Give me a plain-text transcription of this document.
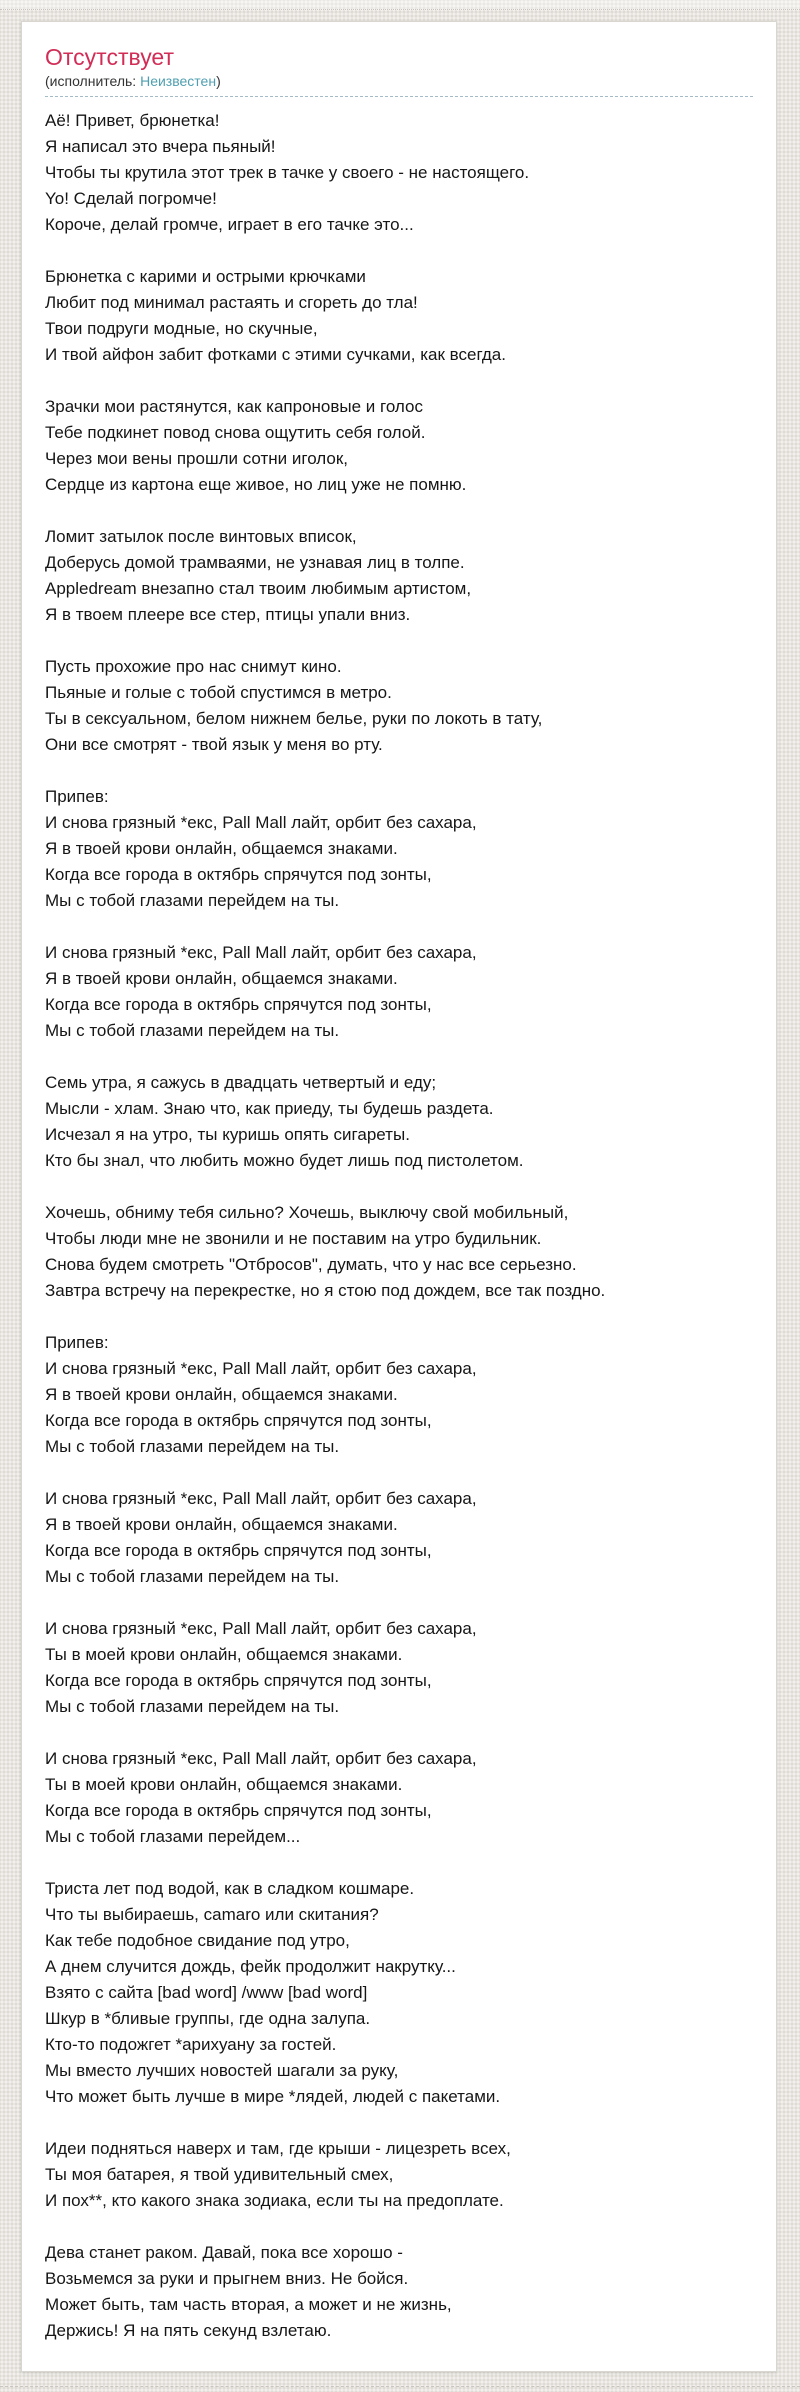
Отсутствует
(исполнитель: Неизвестен)

Аё! Привет, брюнетка!
Я написал это вчера пьяный!
Чтобы ты крутила этот трек в тачке у своего - не настоящего.
Yo! Сделай погромче!
Короче, делай громче, играет в его тачке это...

Брюнетка с карими и острыми крючками
Любит под минимал растаять и сгореть до тла!
Твои подруги модные, но скучные,
И твой айфон забит фотками с этими сучками, как всегда.

Зрачки мои растянутся, как капроновые и голос
Тебе подкинет повод снова ощутить себя голой.
Через мои вены прошли сотни иголок,
Сердце из картона еще живое, но лиц уже не помню.

Ломит затылок после винтовых вписок,
Доберусь домой трамваями, не узнавая лиц в толпе.
Appledream внезапно стал твоим любимым артистом,
Я в твоем плеере все стер, птицы упали вниз.

Пусть прохожие про нас снимут кино.
Пьяные и голые с тобой спустимся в метро.
Ты в сексуальном, белом нижнем белье, руки по локоть в тату,
Они все смотрят - твой язык у меня во рту.

Припев:
И снова грязный *екс, Pall Mall лайт, орбит без сахара,
Я в твоей крови онлайн, общаемся знаками.
Когда все города в октябрь спрячутся под зонты,
Мы с тобой глазами перейдем на ты.

И снова грязный *екс, Pall Mall лайт, орбит без сахара,
Я в твоей крови онлайн, общаемся знаками.
Когда все города в октябрь спрячутся под зонты,
Мы с тобой глазами перейдем на ты.

Семь утра, я сажусь в двадцать четвертый и еду;
Мысли - хлам. Знаю что, как приеду, ты будешь раздета.
Исчезал я на утро, ты куришь опять сигареты.
Кто бы знал, что любить можно будет лишь под пистолетом.

Хочешь, обниму тебя сильно? Хочешь, выключу свой мобильный,
Чтобы люди мне не звонили и не поставим на утро будильник.
Снова будем смотреть "Отбросов", думать, что у нас все серьезно.
Завтра встречу на перекрестке, но я стою под дождем, все так поздно.

Припев:
И снова грязный *екс, Pall Mall лайт, орбит без сахара,
Я в твоей крови онлайн, общаемся знаками.
Когда все города в октябрь спрячутся под зонты,
Мы с тобой глазами перейдем на ты.

И снова грязный *екс, Pall Mall лайт, орбит без сахара,
Я в твоей крови онлайн, общаемся знаками.
Когда все города в октябрь спрячутся под зонты,
Мы с тобой глазами перейдем на ты.

И снова грязный *екс, Pall Mall лайт, орбит без сахара,
Ты в моей крови онлайн, общаемся знаками.
Когда все города в октябрь спрячутся под зонты,
Мы с тобой глазами перейдем на ты.

И снова грязный *екс, Pall Mall лайт, орбит без сахара,
Ты в моей крови онлайн, общаемся знаками.
Когда все города в октябрь спрячутся под зонты,
Мы с тобой глазами перейдем...

Триста лет под водой, как в сладком кошмаре.
Что ты выбираешь, camaro или скитания?
Как тебе подобное свидание под утро,
А днем случится дождь, фейк продолжит накрутку...
Взято с сайта [bad word] /www [bad word]
Шкур в *бливые группы, где одна залупа.
Кто-то подожгет *арихуану за гостей.
Мы вместо лучших новостей шагали за руку,
Что может быть лучше в мире *лядей, людей с пакетами.

Идеи подняться наверх и там, где крыши - лицезреть всех,
Ты моя батарея, я твой удивительный смех,
И пох**, кто какого знака зодиака, если ты на предоплате.

Дева станет раком. Давай, пока все хорошо -
Возьмемся за руки и прыгнем вниз. Не бойся.
Может быть, там часть вторая, а может и не жизнь,
Держись! Я на пять секунд взлетаю.
